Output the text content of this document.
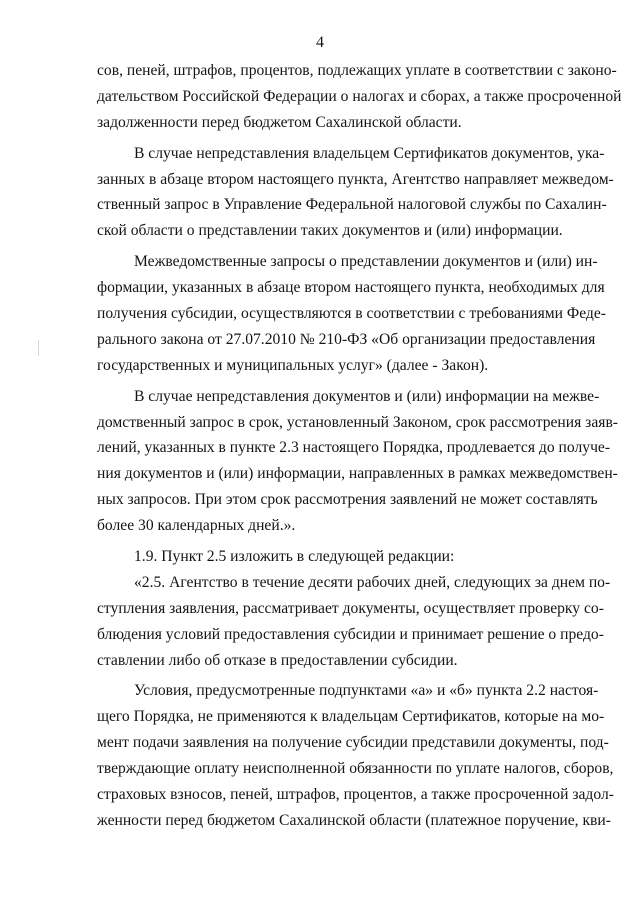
4
сов, пеней, штрафов, процентов, подлежащих уплате в соответствии с законо-
дательством Российской Федерации о налогах и сборах, а также просроченной
задолженности перед бюджетом Сахалинской области.
В случае непредставления владельцем Сертификатов документов, ука-
занных в абзаце втором настоящего пункта, Агентство направляет межведом-
ственный запрос в Управление Федеральной налоговой службы по Сахалин-
ской области о представлении таких документов и (или) информации.
Межведомственные запросы о представлении документов и (или) ин-
формации, указанных в абзаце втором настоящего пункта, необходимых для
получения субсидии, осуществляются в соответствии с требованиями Феде-
рального закона от 27.07.2010 № 210-ФЗ «Об организации предоставления
государственных и муниципальных услуг» (далее - Закон).
В случае непредставления документов и (или) информации на межве-
домственный запрос в срок, установленный Законом, срок рассмотрения заяв-
лений, указанных в пункте 2.3 настоящего Порядка, продлевается до получе-
ния документов и (или) информации, направленных в рамках межведомствен-
ных запросов. При этом срок рассмотрения заявлений не может составлять
более 30 календарных дней.».
1.9. Пункт 2.5 изложить в следующей редакции:
«2.5. Агентство в течение десяти рабочих дней, следующих за днем по-
ступления заявления, рассматривает документы, осуществляет проверку со-
блюдения условий предоставления субсидии и принимает решение о предо-
ставлении либо об отказе в предоставлении субсидии.
Условия, предусмотренные подпунктами «а» и «б» пункта 2.2 настоя-
щего Порядка, не применяются к владельцам Сертификатов, которые на мо-
мент подачи заявления на получение субсидии представили документы, под-
тверждающие оплату неисполненной обязанности по уплате налогов, сборов,
страховых взносов, пеней, штрафов, процентов, а также просроченной задол-
женности перед бюджетом Сахалинской области (платежное поручение, кви-
